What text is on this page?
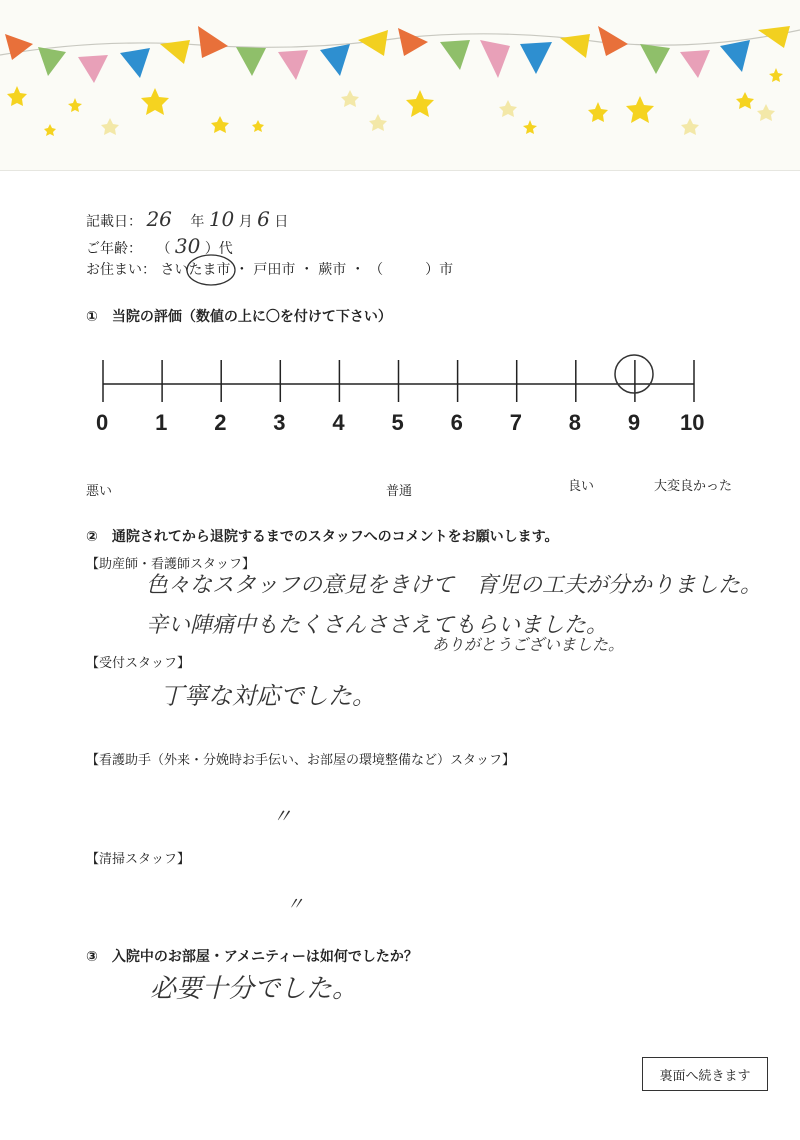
記載日： 26 年 10 月 6 日
ご年齢： （ 30 ）代
お住まい： さいたま市 ・ 戸田市 ・ 蕨市 ・ （　　　）市
①　当院の評価（数値の上に〇を付けて下さい）
0 1 2 3 4 5 6 7 8 9 10
悪い	普通	良い	大変良かった
②　通院されてから退院するまでのスタッフへのコメントをお願いします。
【助産師・看護師スタッフ】
色々なスタッフの意見をきけて　育児の工夫が分かりました。
辛い陣痛中もたくさんささえてもらいました。
ありがとうございました。
【受付スタッフ】
丁寧な対応でした。
【看護助手（外来・分娩時お手伝い、お部屋の環境整備など）スタッフ】
〃
【清掃スタッフ】
〃
③　入院中のお部屋・アメニティーは如何でしたか？
必要十分でした。
裏面へ続きます
